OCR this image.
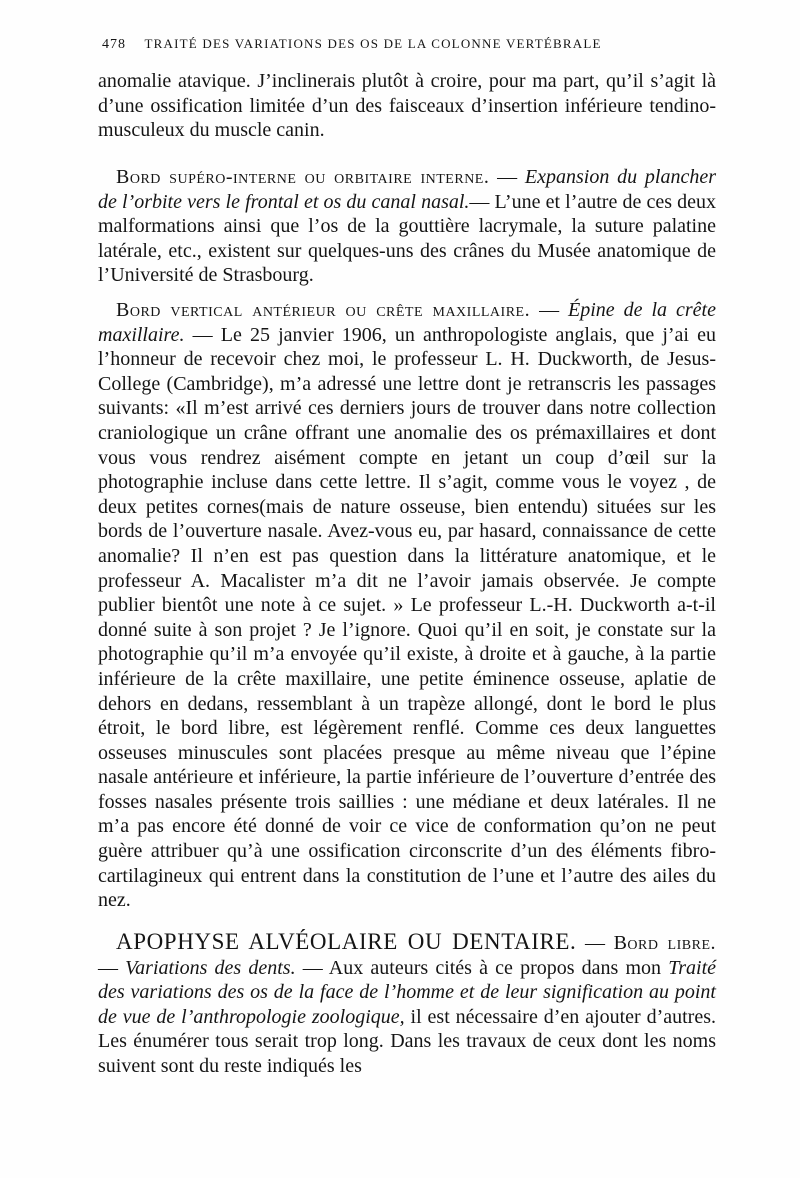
478 TRAITÉ DES VARIATIONS DES OS DE LA COLONNE VERTÉBRALE

anomalie atavique. J’inclinerais plutôt à croire, pour ma part, qu’il s’agit là d’une ossification limitée d’un des faisceaux d’insertion inférieure tendino-musculeux du muscle canin.

Bord supéro-interne ou orbitaire interne. — Expansion du plancher de l’orbite vers le frontal et os du canal nasal.— L’une et l’autre de ces deux malformations ainsi que l’os de la gouttière lacrymale, la suture palatine latérale, etc., existent sur quelques-uns des crânes du Musée anatomique de l’Université de Strasbourg.

Bord vertical antérieur ou crête maxillaire. — Épine de la crête maxillaire. — Le 25 janvier 1906, un anthropologiste anglais, que j’ai eu l’honneur de recevoir chez moi, le professeur L. H. Duckworth, de Jesus-College (Cambridge), m’a adressé une lettre dont je retranscris les passages suivants: «Il m’est arrivé ces derniers jours de trouver dans notre collection craniologique un crâne offrant une anomalie des os prémaxillaires et dont vous vous rendrez aisément compte en jetant un coup d’œil sur la photographie incluse dans cette lettre. Il s’agit, comme vous le voyez , de deux petites cornes(mais de nature osseuse, bien entendu) situées sur les bords de l’ouverture nasale. Avez-vous eu, par hasard, connaissance de cette anomalie? Il n’en est pas question dans la littérature anatomique, et le professeur A. Macalister m’a dit ne l’avoir jamais observée. Je compte publier bientôt une note à ce sujet. » Le professeur L.-H. Duckworth a-t-il donné suite à son projet ? Je l’ignore. Quoi qu’il en soit, je constate sur la photographie qu’il m’a envoyée qu’il existe, à droite et à gauche, à la partie inférieure de la crête maxillaire, une petite éminence osseuse, aplatie de dehors en dedans, ressemblant à un trapèze allongé, dont le bord le plus étroit, le bord libre, est légèrement renflé. Comme ces deux languettes osseuses minuscules sont placées presque au même niveau que l’épine nasale antérieure et inférieure, la partie inférieure de l’ouverture d’entrée des fosses nasales présente trois saillies : une médiane et deux latérales. Il ne m’a pas encore été donné de voir ce vice de conformation qu’on ne peut guère attribuer qu’à une ossification circonscrite d’un des éléments fibro-cartilagineux qui entrent dans la constitution de l’une et l’autre des ailes du nez.

APOPHYSE ALVÉOLAIRE OU DENTAIRE. — Bord libre. — Variations des dents. — Aux auteurs cités à ce propos dans mon Traité des variations des os de la face de l’homme et de leur signification au point de vue de l’anthropologie zoologique, il est nécessaire d’en ajouter d’autres. Les énumérer tous serait trop long. Dans les travaux de ceux dont les noms suivent sont du reste indiqués les
